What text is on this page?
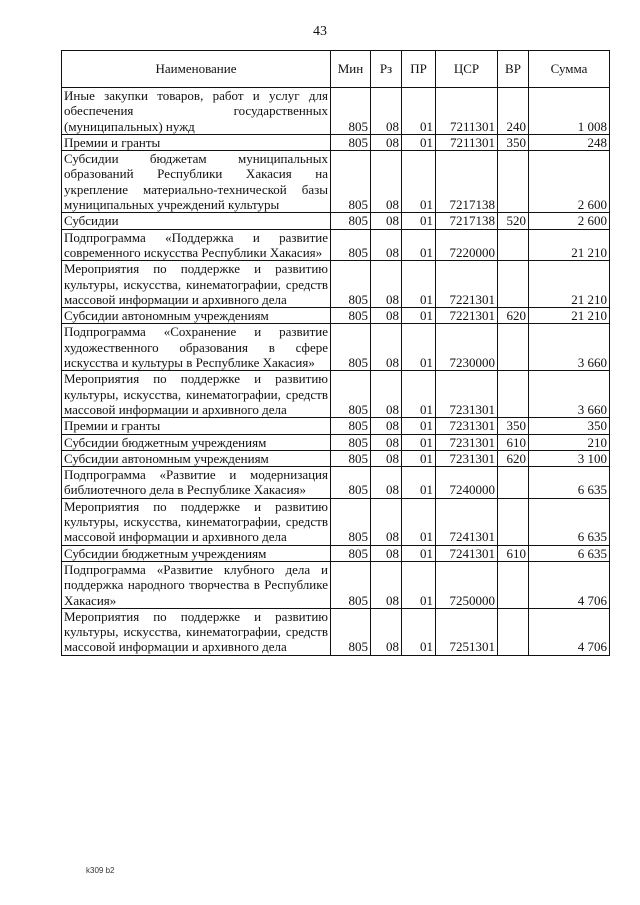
43
Наименование	Мин	Рз	ПР	ЦСР	ВР	Сумма
Иные закупки товаров, работ и услуг для обеспечения государственных (муниципальных) нужд	805	08	01	7211301	240	1 008
Премии и гранты	805	08	01	7211301	350	248
Субсидии бюджетам муниципальных образований Республики Хакасия на укрепление материально-технической базы муниципальных учреждений культуры	805	08	01	7217138		2 600
Субсидии	805	08	01	7217138	520	2 600
Подпрограмма «Поддержка и развитие современного искусства Республики Хакасия»	805	08	01	7220000		21 210
Мероприятия по поддержке и развитию культуры, искусства, кинематографии, средств массовой информации и архивного дела	805	08	01	7221301		21 210
Субсидии автономным учреждениям	805	08	01	7221301	620	21 210
Подпрограмма «Сохранение и развитие художественного образования в сфере искусства и культуры в Республике Хакасия»	805	08	01	7230000		3 660
Мероприятия по поддержке и развитию культуры, искусства, кинематографии, средств массовой информации и архивного дела	805	08	01	7231301		3 660
Премии и гранты	805	08	01	7231301	350	350
Субсидии бюджетным учреждениям	805	08	01	7231301	610	210
Субсидии автономным учреждениям	805	08	01	7231301	620	3 100
Подпрограмма «Развитие и модернизация библиотечного дела в Республике Хакасия»	805	08	01	7240000		6 635
Мероприятия по поддержке и развитию культуры, искусства, кинематографии, средств массовой информации и архивного дела	805	08	01	7241301		6 635
Субсидии бюджетным учреждениям	805	08	01	7241301	610	6 635
Подпрограмма «Развитие клубного дела и поддержка народного творчества в Республике Хакасия»	805	08	01	7250000		4 706
Мероприятия по поддержке и развитию культуры, искусства, кинематографии, средств массовой информации и архивного дела	805	08	01	7251301		4 706
k309 b2
